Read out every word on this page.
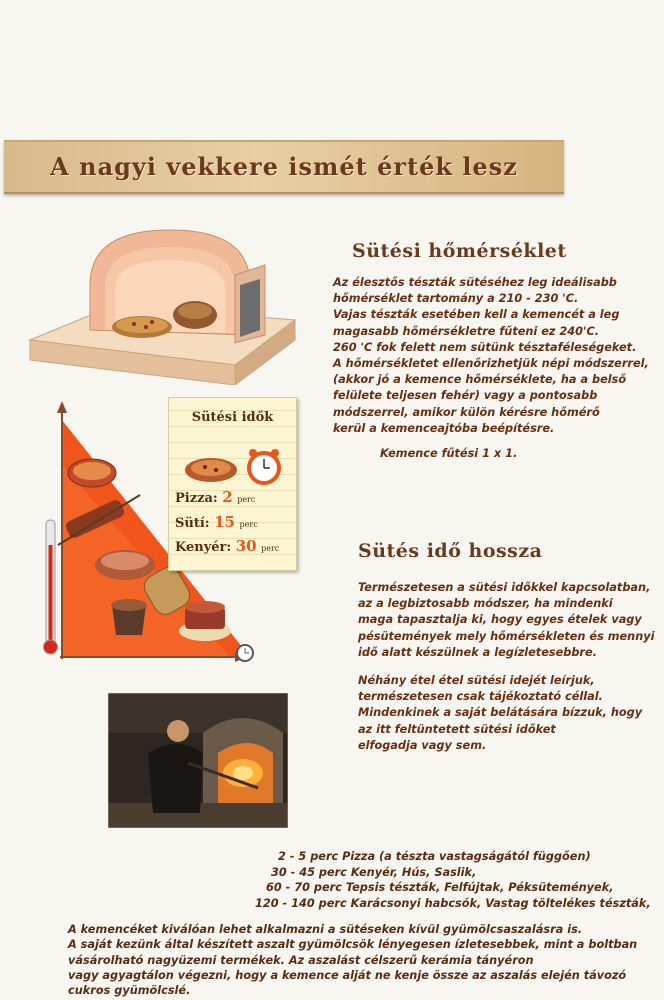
A nagyi vekkere ismét érték lesz
Sütési hőmérséklet

Az élesztős tészták sütéséhez leg ideálisabb
hőmérséklet tartomány a 210 - 230 'C.
Vajas tészták esetében kell a kemencét a leg
magasabb hőmérsékletre fűteni ez 240'C.
260 'C fok felett nem sütünk tésztaféleségeket.
A hőmérsékletet ellenőrizhetjük népi módszerrel,
(akkor jó a kemence hőmérséklete, ha a belső
felülete teljesen fehér) vagy a pontosabb
módszerrel, amikor külön kérésre hőmérő
kerül a kemenceajtóba beépítésre.

Kemence fűtési 1 x 1.
Sütési idők
Pizza: 2 perc
Sütí: 15 perc
Kenyér: 30 perc	Sütés idő hossza

Természetesen a sütési időkkel kapcsolatban,
az a legbiztosabb módszer, ha mindenki
maga tapasztalja ki, hogy egyes ételek vagy
pésütemények mely hőmérsékleten és mennyi
idő alatt készülnek a legízletesebbre.

Néhány étel étel sütési idejét leírjuk,
természetesen csak tájékoztató céllal.
Mindenkinek a saját belátására bízzuk, hogy
az itt feltüntetett sütési időket
elfogadja vagy sem.

2 - 5 perc Pizza (a tészta vastagságától függően)
30 - 45 perc Kenyér, Hús, Saslik,
60 - 70 perc Tepsis tészták, Felfújtak, Péksütemények,
120 - 140 perc Karácsonyi habcsók, Vastag töltelékes tészták,

A kemencéket kiválóan lehet alkalmazni a sütéseken kívül gyümölcsaszalásra is.
A saját kezünk által készített aszalt gyümölcsök lényegesen ízletesebbek, mint a boltban
vásárolható nagyüzemi termékek. Az aszalást célszerű kerámia tányéron
vagy agyagtálon végezni, hogy a kemence alját ne kenje össze az aszalás elején távozó
cukros gyümölcslé.
